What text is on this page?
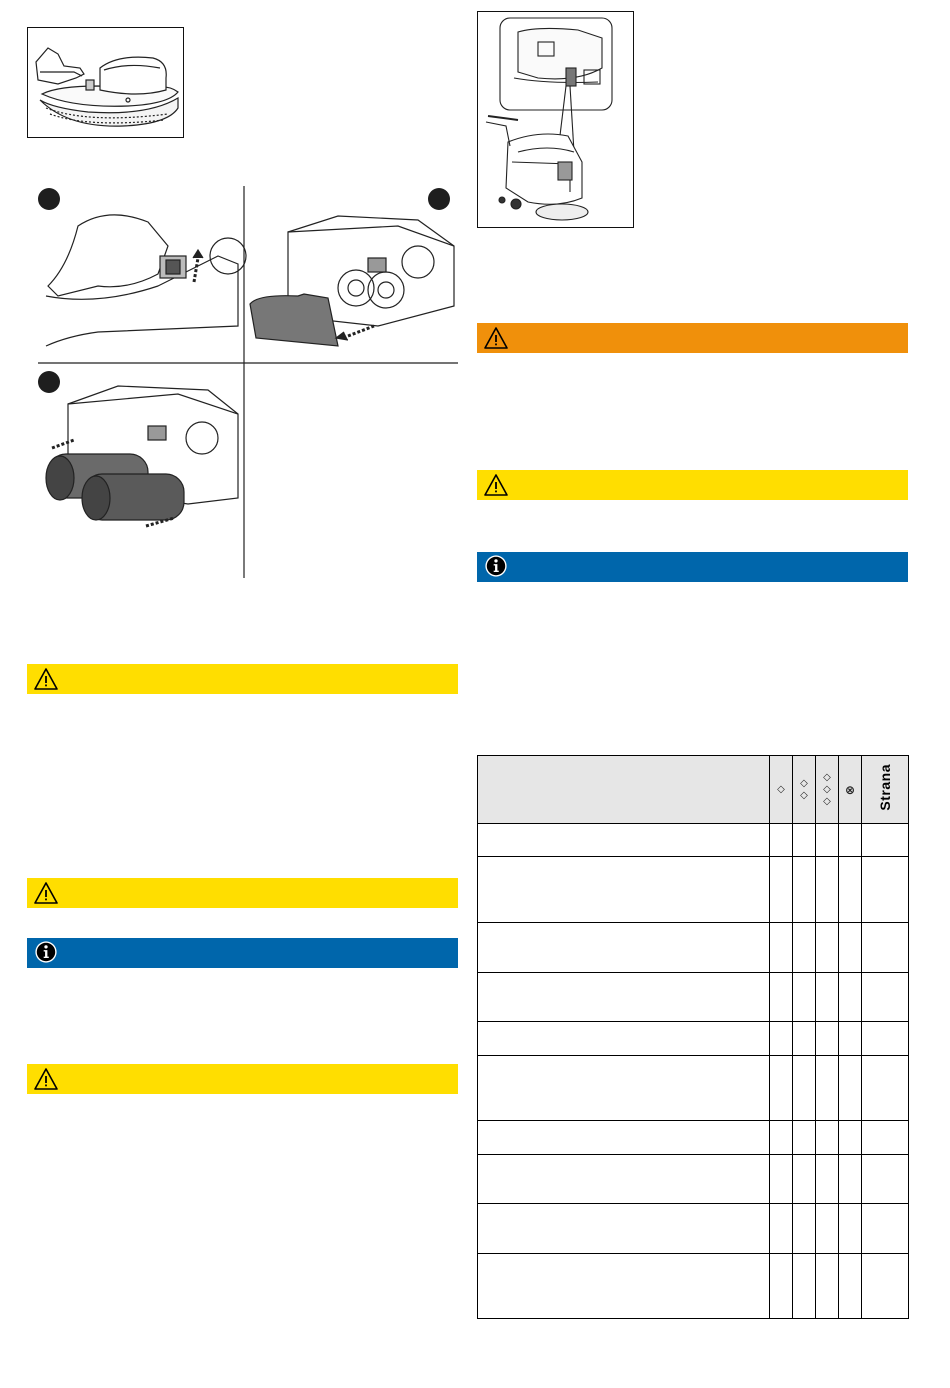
	◇	◇◇	◇◇◇	⊗	Strana
